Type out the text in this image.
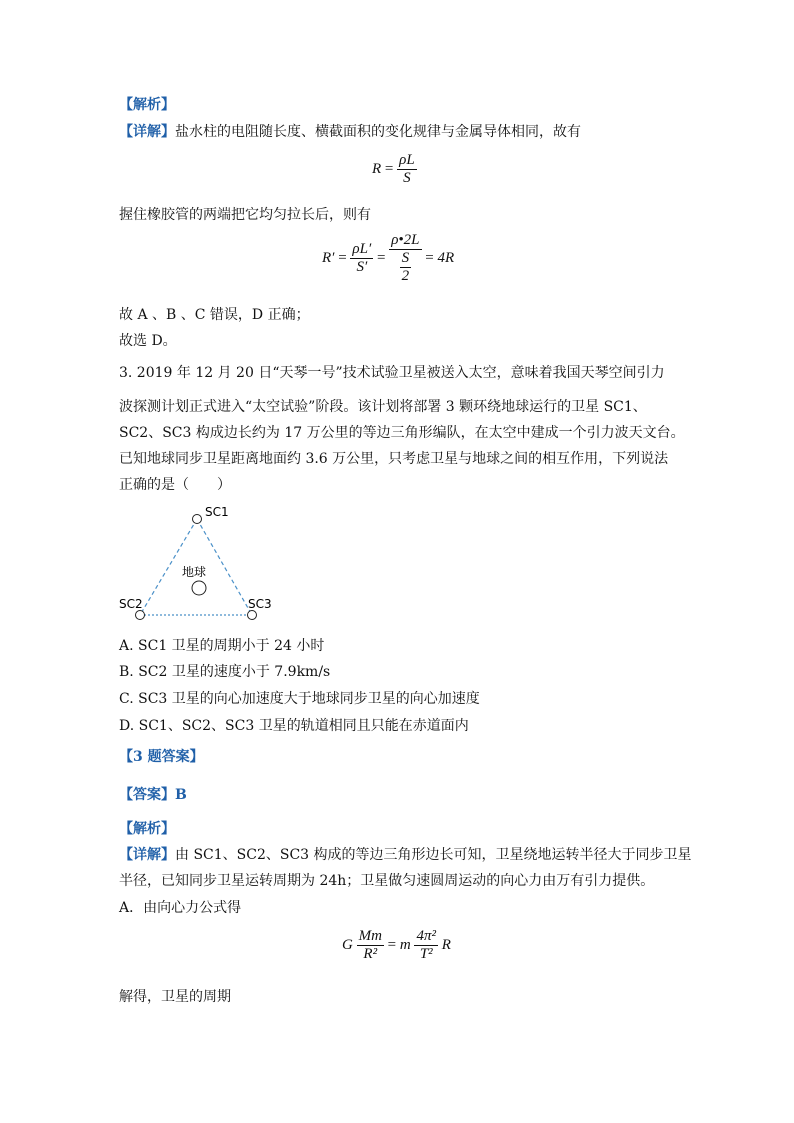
【解析】
【详解】盐水柱的电阻随长度、横截面积的变化规律与金属导体相同，故有
$R = \frac{\rho L}{S}$
握住橡胶管的两端把它均匀拉长后，则有
$R' = \frac{\rho L'}{S'} = \frac{\rho•2L}{\frac{S}{2}} = 4R$
故 A 、B 、C 错误，D 正确；
故选 D。
3. 2019 年 12 月 20 日“天琴一号”技术试验卫星被送入太空，意味着我国天琴空间引力
波探测计划正式进入“太空试验”阶段。该计划将部署 3 颗环绕地球运行的卫星 SC1、
SC2、SC3 构成边长约为 17 万公里的等边三角形编队，在太空中建成一个引力波天文台。
已知地球同步卫星距离地面约 3.6 万公里，只考虑卫星与地球之间的相互作用，下列说法
正确的是（　　）
SC1
SC2	SC3
地球
A. SC1 卫星的周期小于 24 小时
B. SC2 卫星的速度小于 7.9km/s
C. SC3 卫星的向心加速度大于地球同步卫星的向心加速度
D. SC1、SC2、SC3 卫星的轨道相同且只能在赤道面内
【3 题答案】
【答案】B
【解析】
【详解】由 SC1、SC2、SC3 构成的等边三角形边长可知，卫星绕地运转半径大于同步卫星
半径，已知同步卫星运转周期为 24h；卫星做匀速圆周运动的向心力由万有引力提供。
A．由向心力公式得
G $\frac{Mm}{\text{R²}} = m \frac{\text{4π²}}{\text{T²}}$ R
解得，卫星的周期
